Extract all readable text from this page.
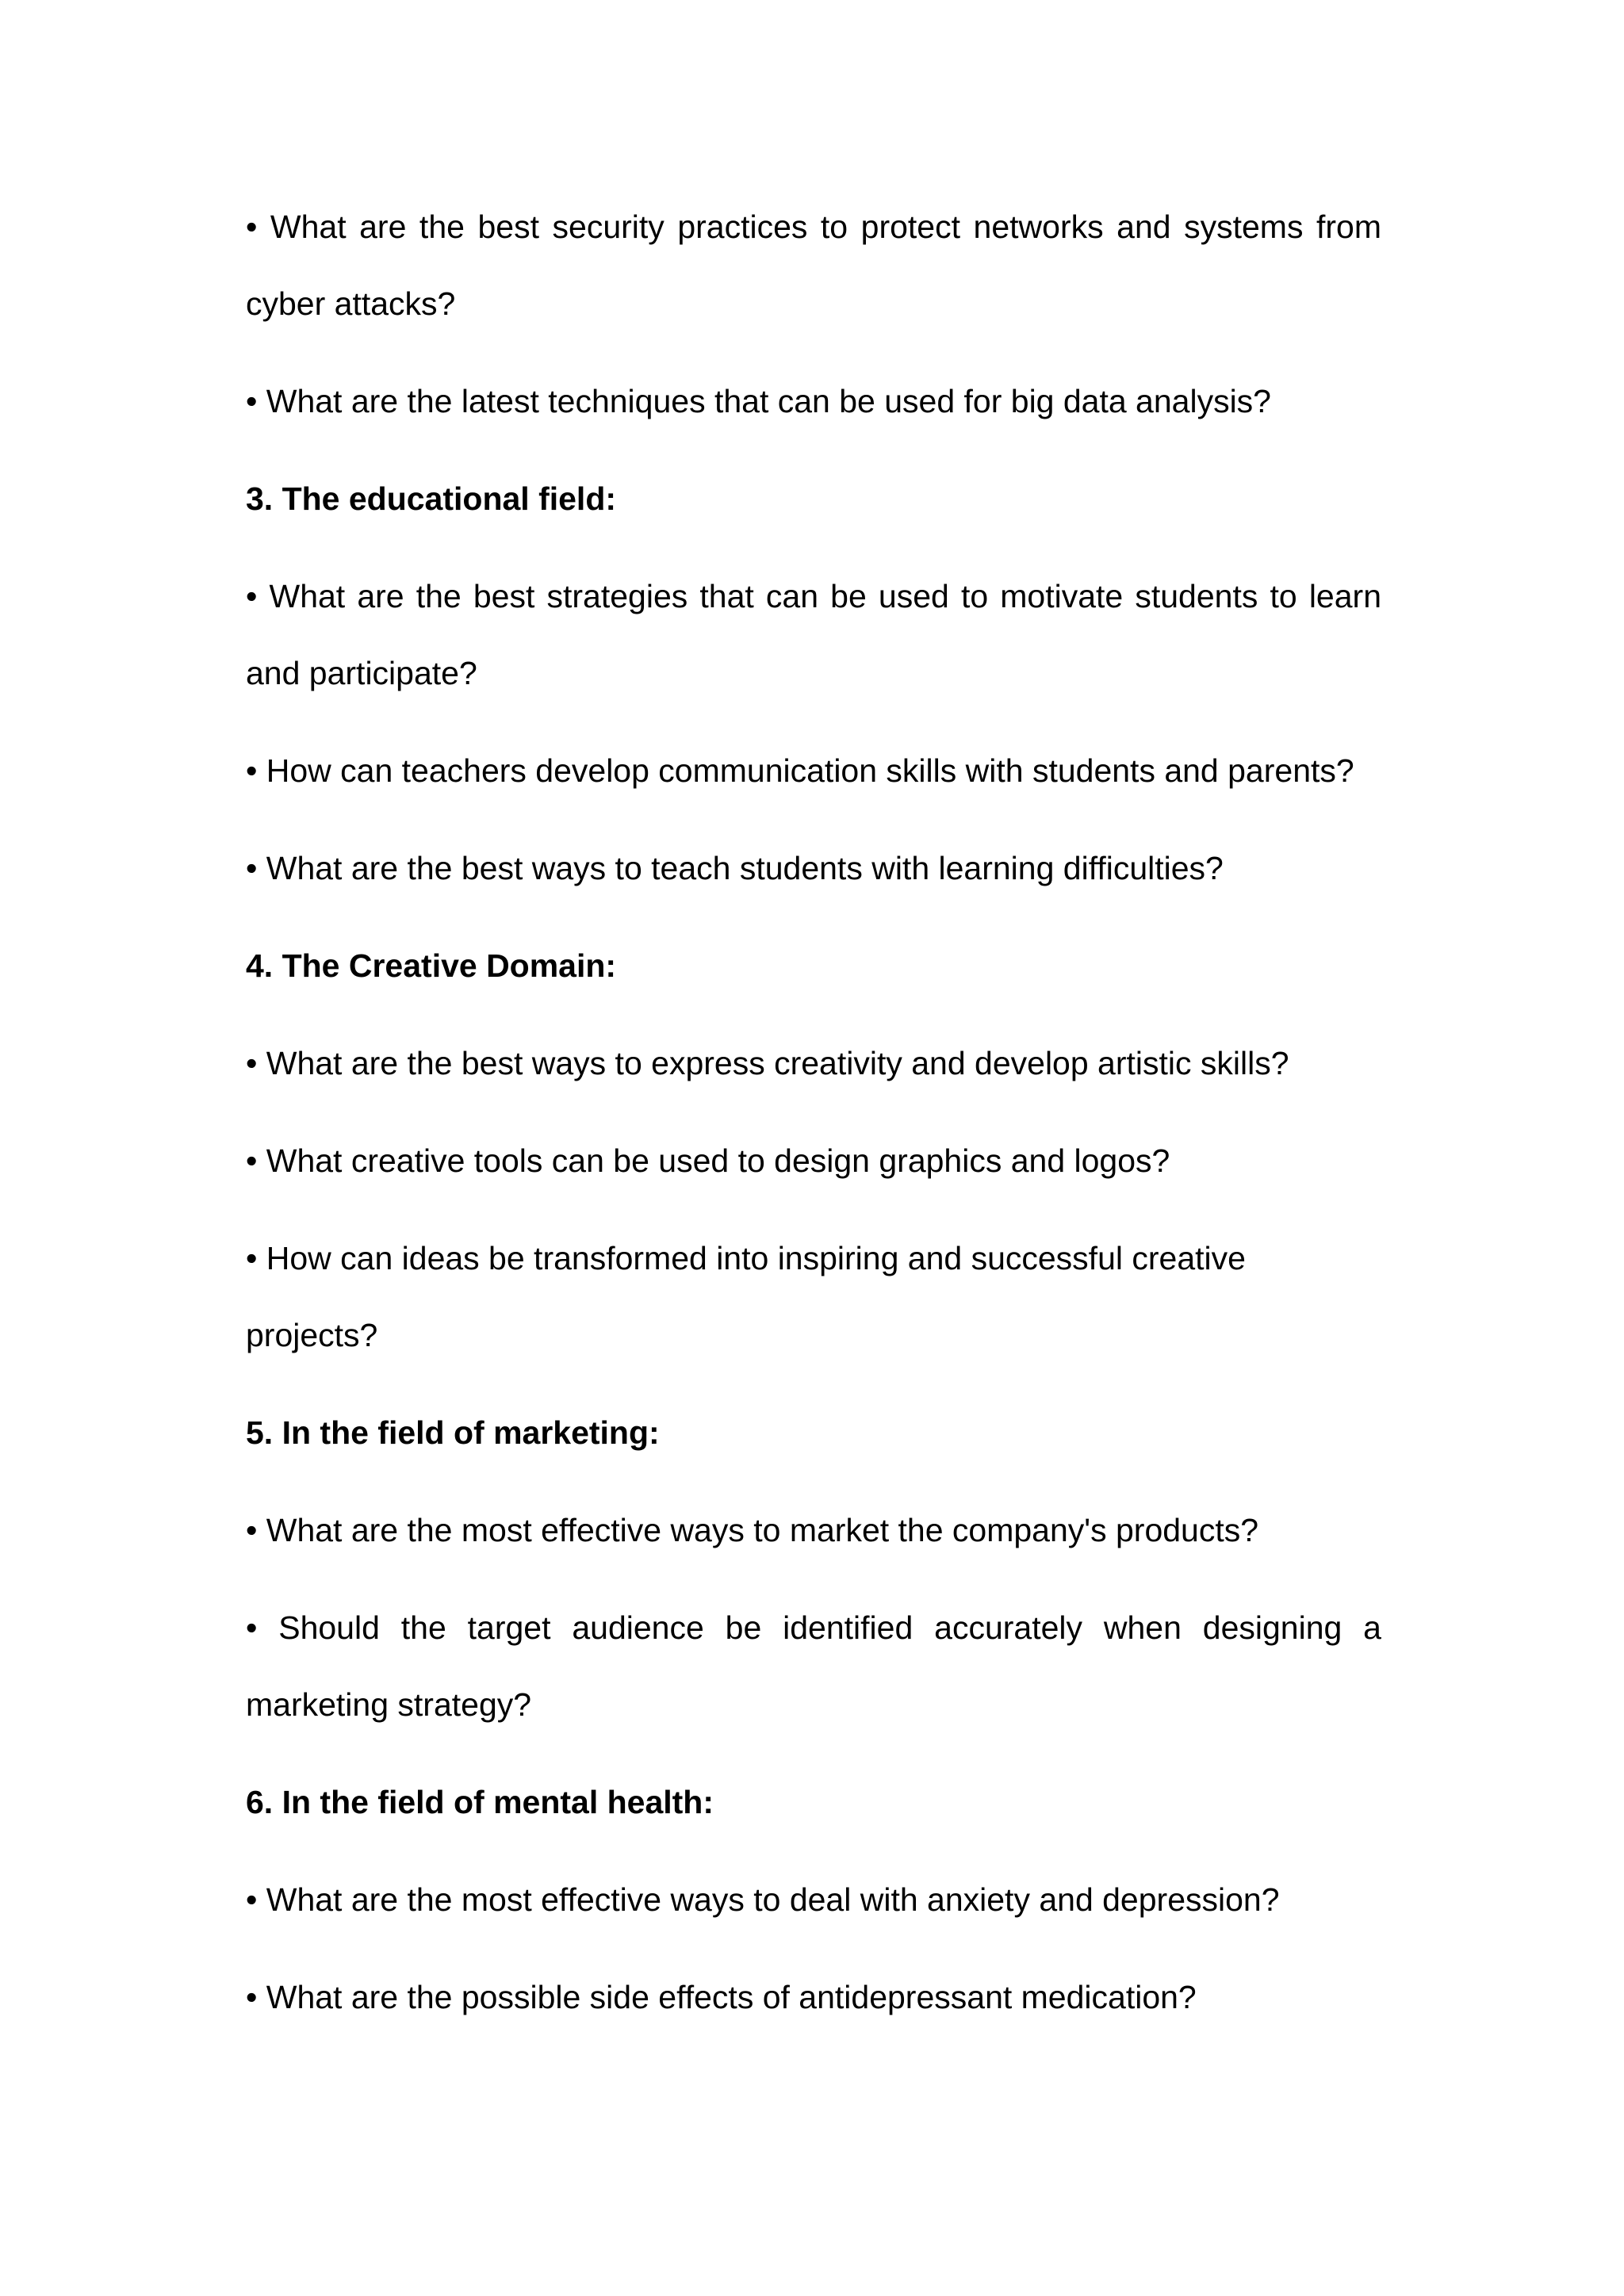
• What are the best security practices to protect networks and systems from cyber attacks?

• What are the latest techniques that can be used for big data analysis?

3. The educational field:

• What are the best strategies that can be used to motivate students to learn and participate?

• How can teachers develop communication skills with students and parents?

• What are the best ways to teach students with learning difficulties?

4. The Creative Domain:

• What are the best ways to express creativity and develop artistic skills?

• What creative tools can be used to design graphics and logos?

• How can ideas be transformed into inspiring and successful creative projects?

5. In the field of marketing:

• What are the most effective ways to market the company's products?

• Should the target audience be identified accurately when designing a marketing strategy?

6. In the field of mental health:

• What are the most effective ways to deal with anxiety and depression?

• What are the possible side effects of antidepressant medication?
